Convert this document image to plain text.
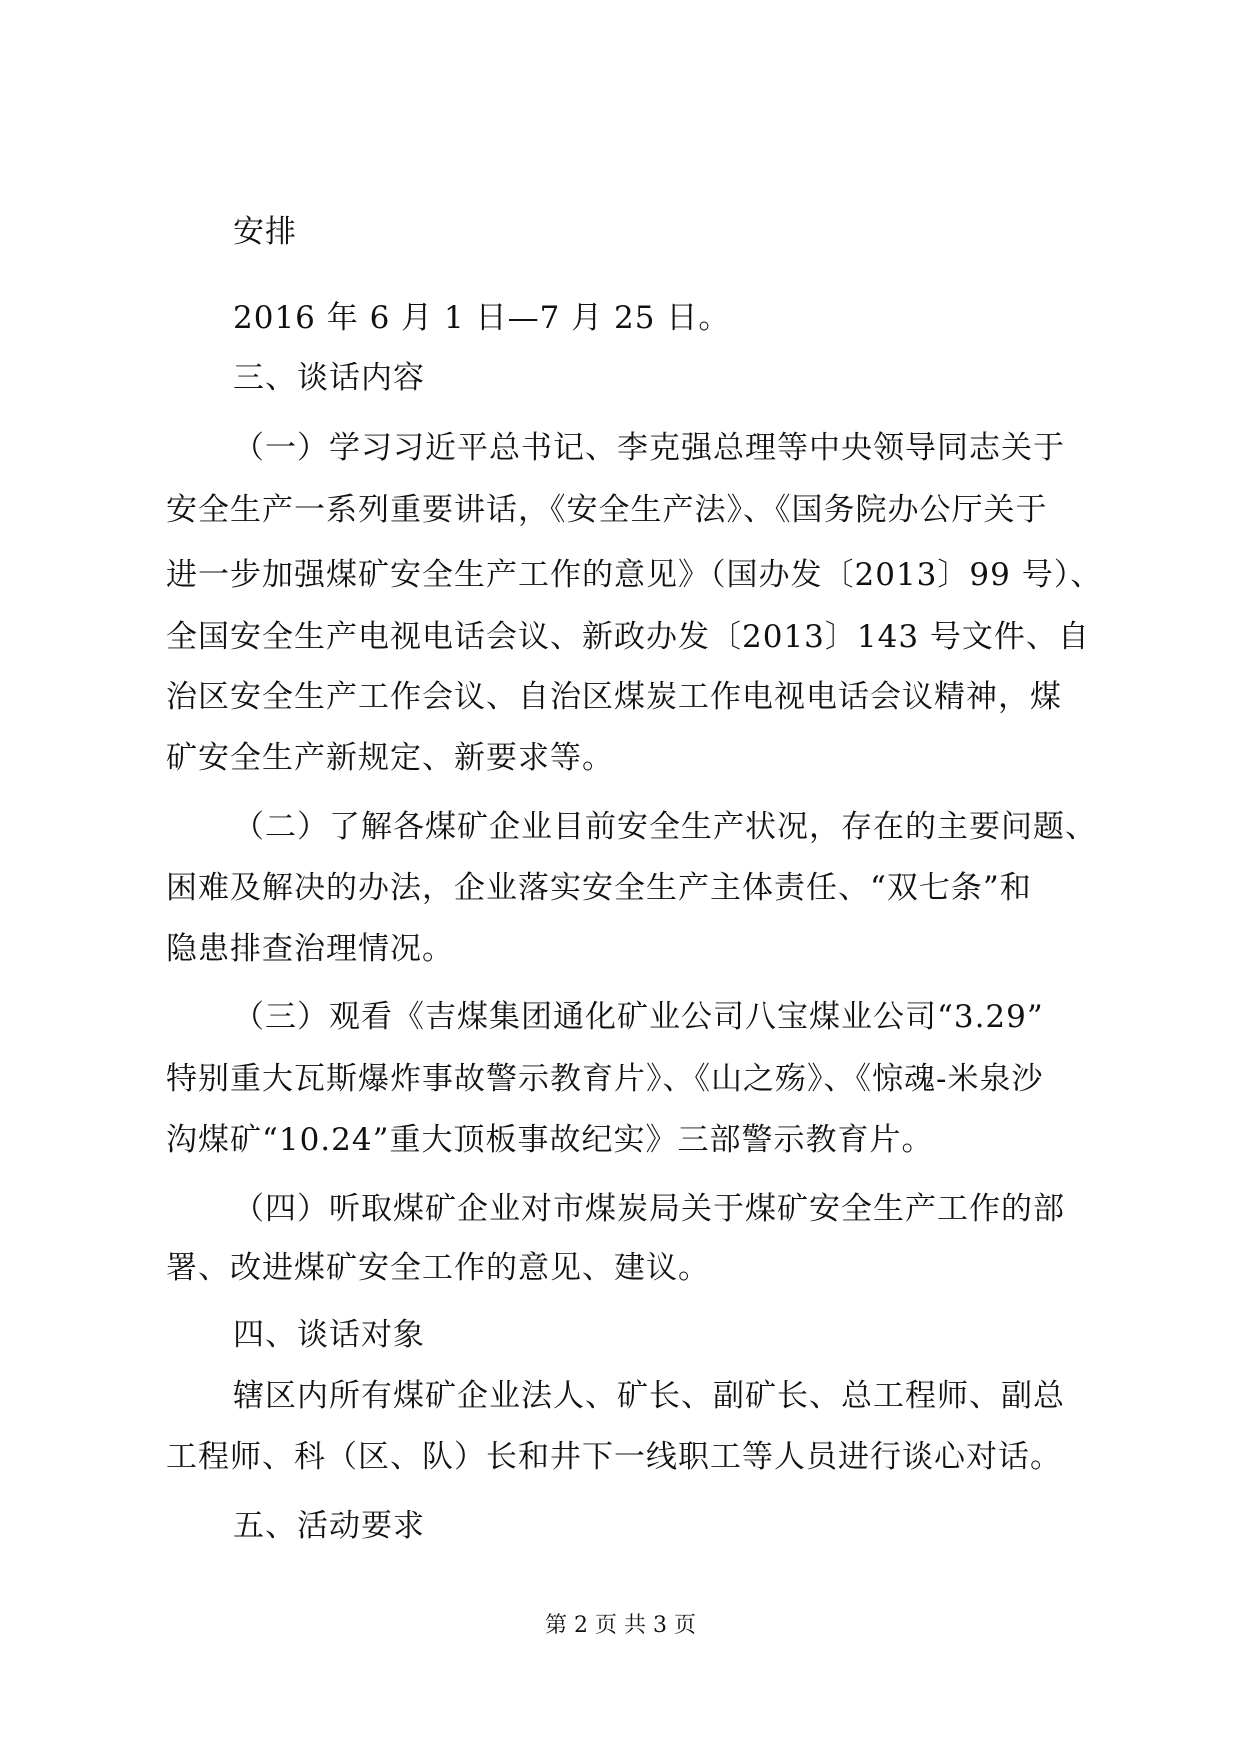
安排
2016 年 6 月 1 日—7 月 25 日。
三、谈话内容
（一）学习习近平总书记、李克强总理等中央领导同志关于
安全生产一系列重要讲话，《安全生产法》、《国务院办公厅关于
进一步加强煤矿安全生产工作的意见》（国办发〔2013〕99 号）、
全国安全生产电视电话会议、新政办发〔2013〕143 号文件、自
治区安全生产工作会议、自治区煤炭工作电视电话会议精神，煤
矿安全生产新规定、新要求等。
（二）了解各煤矿企业目前安全生产状况，存在的主要问题、
困难及解决的办法，企业落实安全生产主体责任、“双七条”和
隐患排查治理情况。
（三）观看《吉煤集团通化矿业公司八宝煤业公司“3.29”
特别重大瓦斯爆炸事故警示教育片》、《山之殇》、《惊魂-米泉沙
沟煤矿“10.24”重大顶板事故纪实》三部警示教育片。
（四）听取煤矿企业对市煤炭局关于煤矿安全生产工作的部
署、改进煤矿安全工作的意见、建议。
四、谈话对象
辖区内所有煤矿企业法人、矿长、副矿长、总工程师、副总
工程师、科（区、队）长和井下一线职工等人员进行谈心对话。
五、活动要求
第 2 页 共 3 页
